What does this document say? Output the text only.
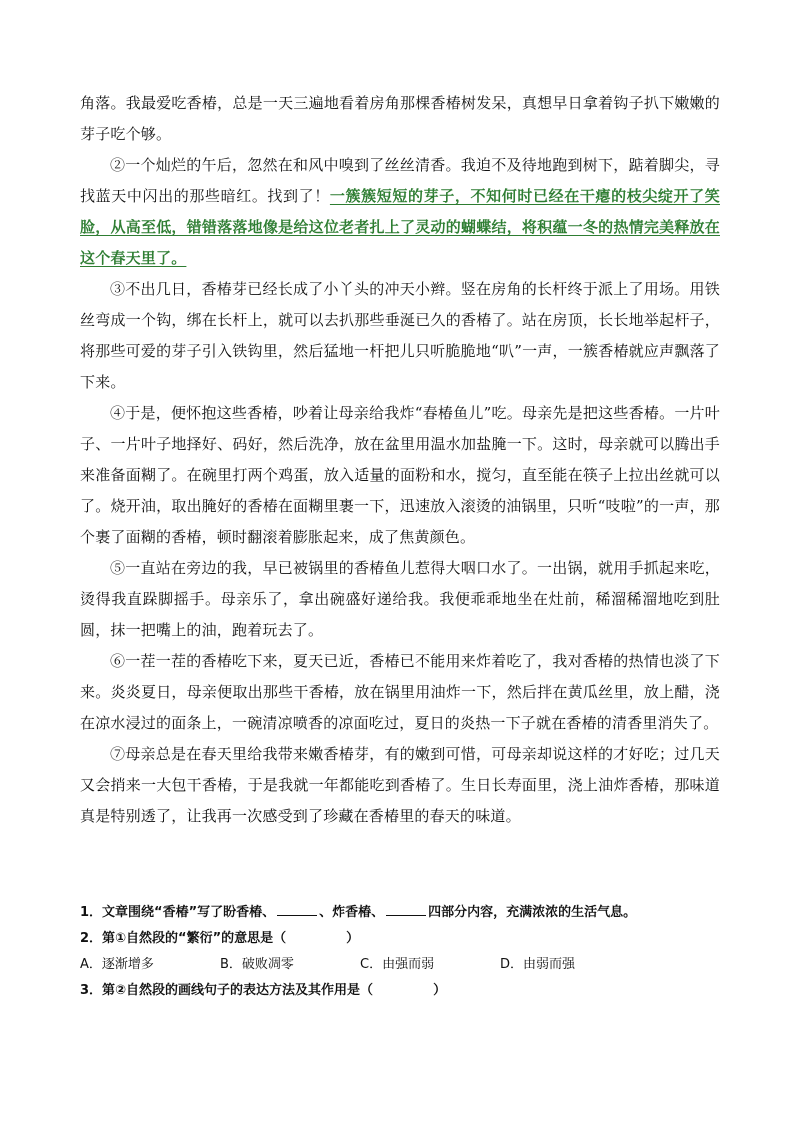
角落。我最爱吃香椿，总是一天三遍地看着房角那棵香椿树发呆，真想早日拿着钩子扒下嫩嫩的芽子吃个够。

②一个灿烂的午后，忽然在和风中嗅到了丝丝清香。我迫不及待地跑到树下，踮着脚尖，寻找蓝天中闪出的那些暗红。找到了！一簇簇短短的芽子，不知何时已经在干瘪的枝尖绽开了笑脸，从高至低，错错落落地像是给这位老者扎上了灵动的蝴蝶结，将积蕴一冬的热情完美释放在这个春天里了。

③不出几日，香椿芽已经长成了小丫头的冲天小辫。竖在房角的长杆终于派上了用场。用铁丝弯成一个钩，绑在长杆上，就可以去扒那些垂涎已久的香椿了。站在房顶，长长地举起杆子，将那些可爱的芽子引入铁钩里，然后猛地一杆把儿只听脆脆地“叭”一声，一簇香椿就应声飘落了下来。

④于是，便怀抱这些香椿，吵着让母亲给我炸“春椿鱼儿”吃。母亲先是把这些香椿。一片叶子、一片叶子地择好、码好，然后洗净，放在盆里用温水加盐腌一下。这时，母亲就可以腾出手来准备面糊了。在碗里打两个鸡蛋，放入适量的面粉和水，搅匀，直至能在筷子上拉出丝就可以了。烧开油，取出腌好的香椿在面糊里裹一下，迅速放入滚烫的油锅里，只听“吱啦”的一声，那个裹了面糊的香椿，顿时翻滚着膨胀起来，成了焦黄颜色。

⑤一直站在旁边的我，早已被锅里的香椿鱼儿惹得大咽口水了。一出锅，就用手抓起来吃，烫得我直跺脚摇手。母亲乐了，拿出碗盛好递给我。我便乖乖地坐在灶前，稀溜稀溜地吃到肚圆，抹一把嘴上的油，跑着玩去了。

⑥一茬一茬的香椿吃下来，夏天已近，香椿已不能用来炸着吃了，我对香椿的热情也淡了下来。炎炎夏日，母亲便取出那些干香椿，放在锅里用油炸一下，然后拌在黄瓜丝里，放上醋，浇在凉水浸过的面条上，一碗清凉喷香的凉面吃过，夏日的炎热一下子就在香椿的清香里消失了。

⑦母亲总是在春天里给我带来嫩香椿芽，有的嫩到可惜，可母亲却说这样的才好吃；过几天又会捎来一大包干香椿，于是我就一年都能吃到香椿了。生日长寿面里，浇上油炸香椿，那味道真是特别透了，让我再一次感受到了珍藏在香椿里的春天的味道。

1．文章围绕“香椿”写了盼香椿、	、炸香椿、	四部分内容，充满浓浓的生活气息。
2．第①自然段的“繁衍”的意思是（	）
A．逐渐增多	B．破败凋零	C．由强而弱	D．由弱而强
3．第②自然段的画线句子的表达方法及其作用是（	）
